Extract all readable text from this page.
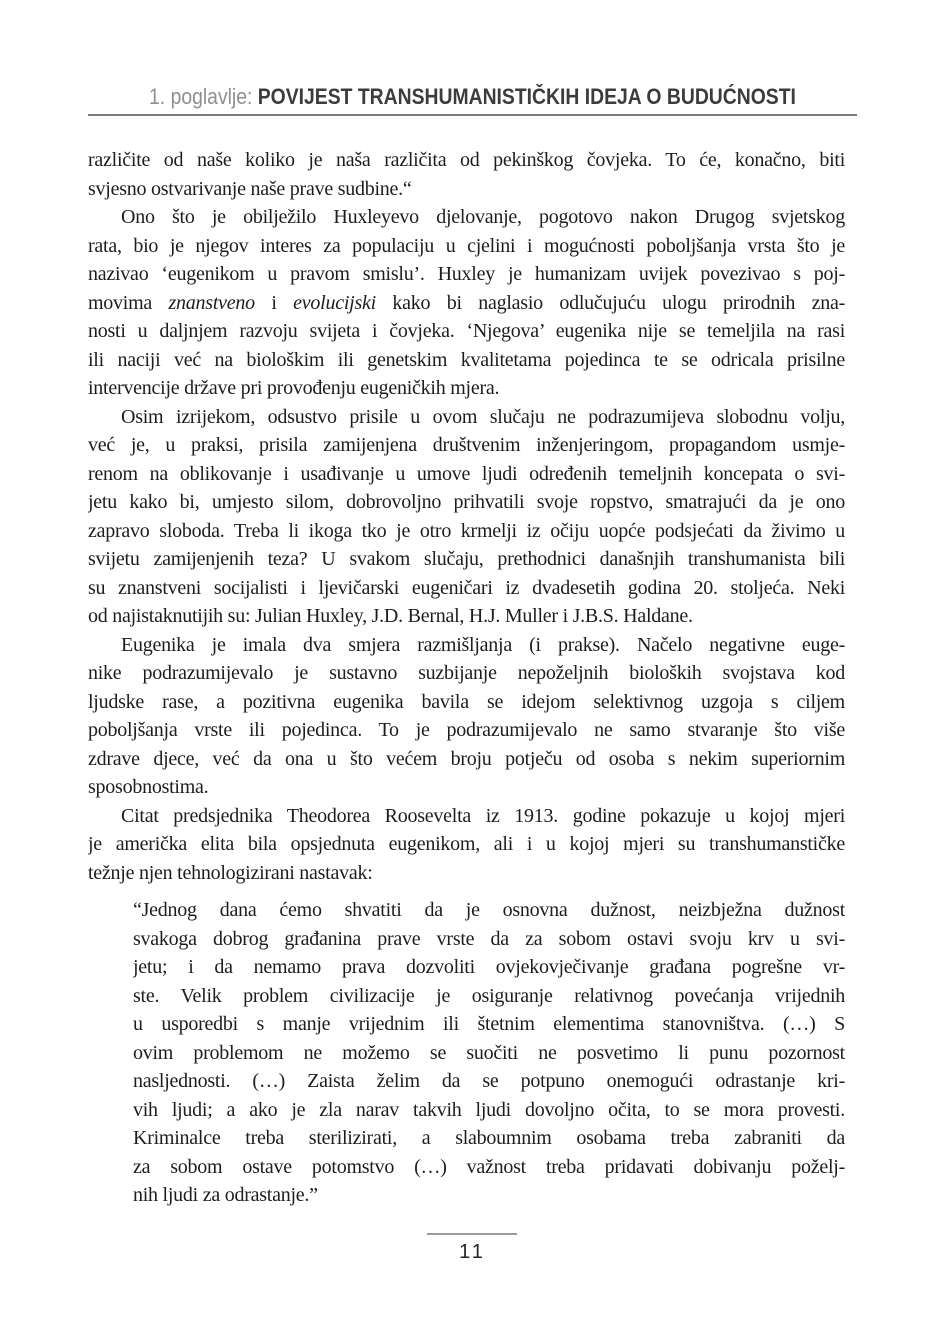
1. poglavlje: POVIJEST TRANSHUMANISTIČKIH IDEJA O BUDUĆNOSTI
različite od naše koliko je naša različita od pekinškog čovjeka. To će, konačno, biti
svjesno ostvarivanje naše prave sudbine.“
Ono što je obilježilo Huxleyevo djelovanje, pogotovo nakon Drugog svjetskog
rata, bio je njegov interes za populaciju u cjelini i mogućnosti poboljšanja vrsta što je
nazivao ‘eugenikom u pravom smislu’. Huxley je humanizam uvijek povezivao s poj-
movima znanstveno i evolucijski kako bi naglasio odlučujuću ulogu prirodnih zna-
nosti u daljnjem razvoju svijeta i čovjeka. ‘Njegova’ eugenika nije se temeljila na rasi
ili naciji već na biološkim ili genetskim kvalitetama pojedinca te se odricala prisilne
intervencije države pri provođenju eugeničkih mjera.
Osim izrijekom, odsustvo prisile u ovom slučaju ne podrazumijeva slobodnu volju,
već je, u praksi, prisila zamijenjena društvenim inženjeringom, propagandom usmje-
renom na oblikovanje i usađivanje u umove ljudi određenih temeljnih koncepata o svi-
jetu kako bi, umjesto silom, dobrovoljno prihvatili svoje ropstvo, smatrajući da je ono
zapravo sloboda. Treba li ikoga tko je otro krmelji iz očiju uopće podsjećati da živimo u
svijetu zamijenjenih teza? U svakom slučaju, prethodnici današnjih transhumanista bili
su znanstveni socijalisti i ljevičarski eugeničari iz dvadesetih godina 20. stoljeća. Neki
od najistaknutijih su: Julian Huxley, J.D. Bernal, H.J. Muller i J.B.S. Haldane.
Eugenika je imala dva smjera razmišljanja (i prakse). Načelo negativne euge-
nike podrazumijevalo je sustavno suzbijanje nepoželjnih bioloških svojstava kod
ljudske rase, a pozitivna eugenika bavila se idejom selektivnog uzgoja s ciljem
poboljšanja vrste ili pojedinca. To je podrazumijevalo ne samo stvaranje što više
zdrave djece, već da ona u što većem broju potječu od osoba s nekim superiornim
sposobnostima.
Citat predsjednika Theodorea Roosevelta iz 1913. godine pokazuje u kojoj mjeri
je američka elita bila opsjednuta eugenikom, ali i u kojoj mjeri su transhumanstičke
težnje njen tehnologizirani nastavak:
“Jednog dana ćemo shvatiti da je osnovna dužnost, neizbježna dužnost
svakoga dobrog građanina prave vrste da za sobom ostavi svoju krv u svi-
jetu; i da nemamo prava dozvoliti ovjekovječivanje građana pogrešne vr-
ste. Velik problem civilizacije je osiguranje relativnog povećanja vrijednih
u usporedbi s manje vrijednim ili štetnim elementima stanovništva. (…) S
ovim problemom ne možemo se suočiti ne posvetimo li punu pozornost
nasljednosti. (…) Zaista želim da se potpuno onemogući odrastanje kri-
vih ljudi; a ako je zla narav takvih ljudi dovoljno očita, to se mora provesti.
Kriminalce treba sterilizirati, a slaboumnim osobama treba zabraniti da
za sobom ostave potomstvo (…) važnost treba pridavati dobivanju poželj-
nih ljudi za odrastanje.”
11
